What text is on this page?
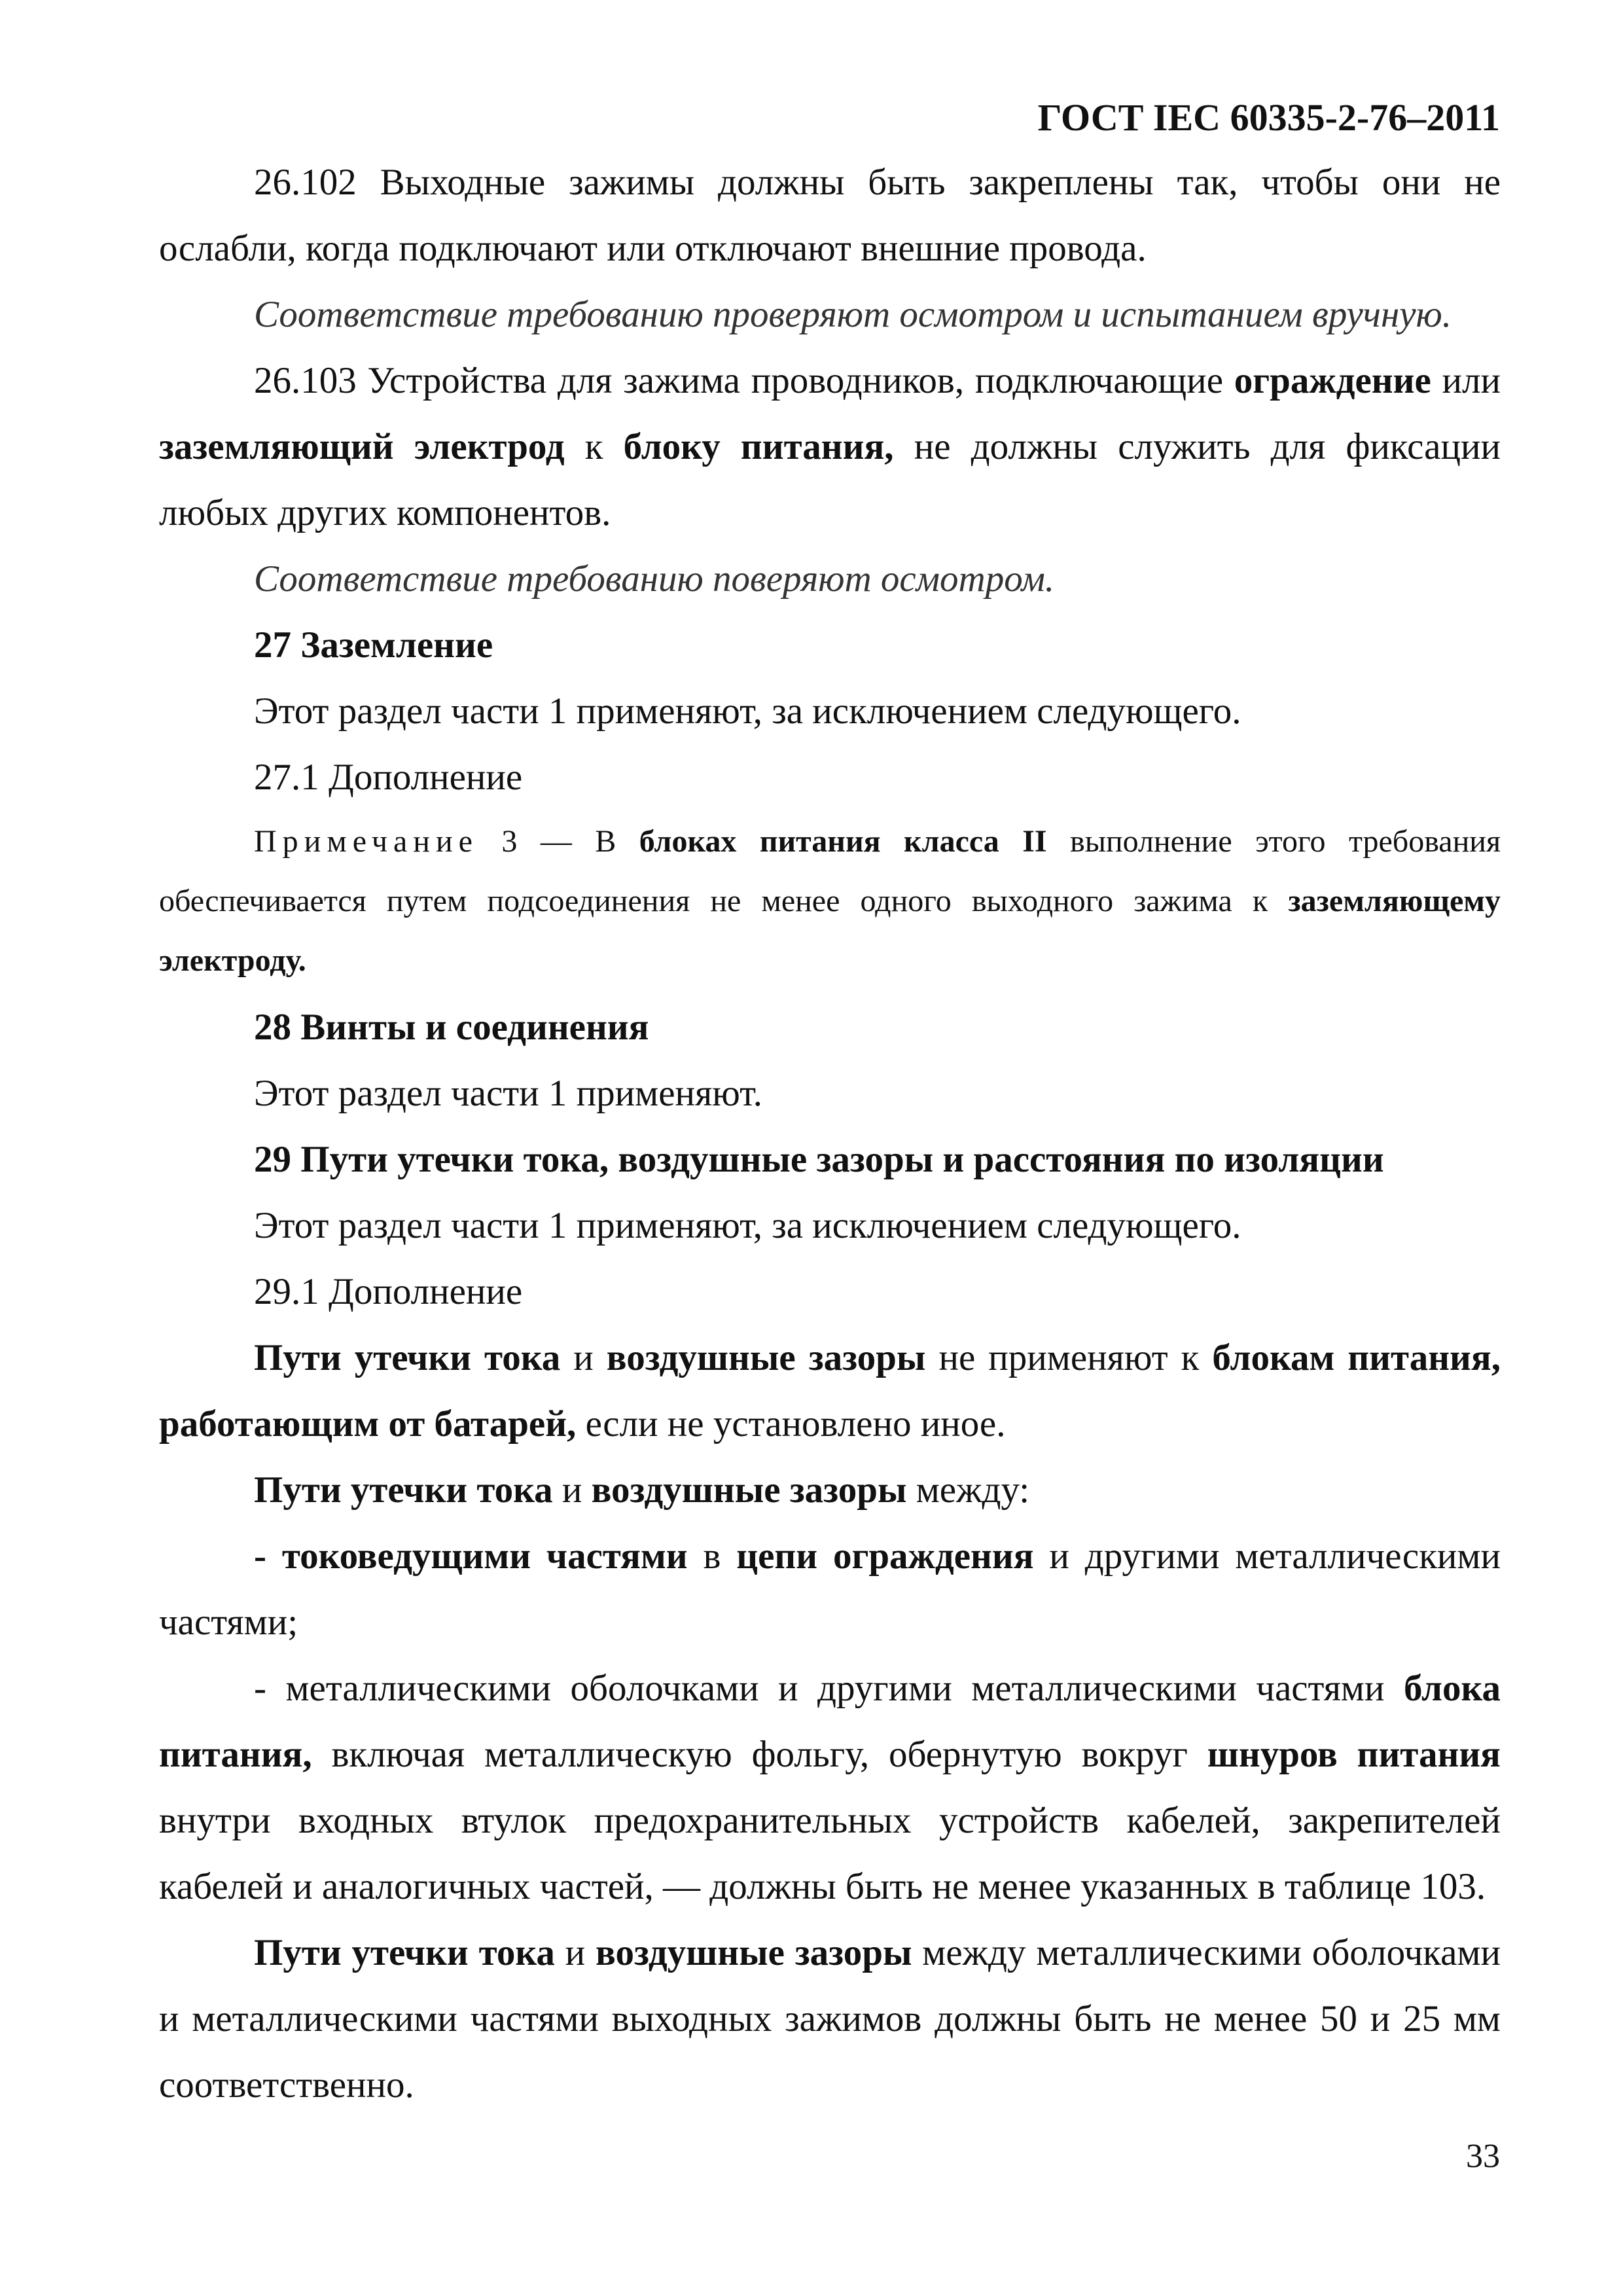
ГОСТ IEC 60335-2-76–2011

26.102 Выходные зажимы должны быть закреплены так, чтобы они не ослабли, когда подключают или отключают внешние провода.

Соответствие требованию проверяют осмотром и испытанием вручную.

26.103 Устройства для зажима проводников, подключающие ограждение или заземляющий электрод к блоку питания, не должны служить для фиксации любых других компонентов.

Соответствие требованию поверяют осмотром.

27 Заземление

Этот раздел части 1 применяют, за исключением следующего.

27.1 Дополнение

Примечание 3 — В блоках питания класса II выполнение этого требования обеспечивается путем подсоединения не менее одного выходного зажима к заземляющему электроду.

28 Винты и соединения

Этот раздел части 1 применяют.

29 Пути утечки тока, воздушные зазоры и расстояния по изоляции

Этот раздел части 1 применяют, за исключением следующего.

29.1 Дополнение

Пути утечки тока и воздушные зазоры не применяют к блокам питания, работающим от батарей, если не установлено иное.

Пути утечки тока и воздушные зазоры между:

- токоведущими частями в цепи ограждения и другими металлическими частями;

- металлическими оболочками и другими металлическими частями блока питания, включая металлическую фольгу, обернутую вокруг шнуров питания внутри входных втулок предохранительных устройств кабелей, закрепителей кабелей и аналогичных частей, — должны быть не менее указанных в таблице 103.

Пути утечки тока и воздушные зазоры между металлическими оболочками и металлическими частями выходных зажимов должны быть не менее 50 и 25 мм соответственно.

33
